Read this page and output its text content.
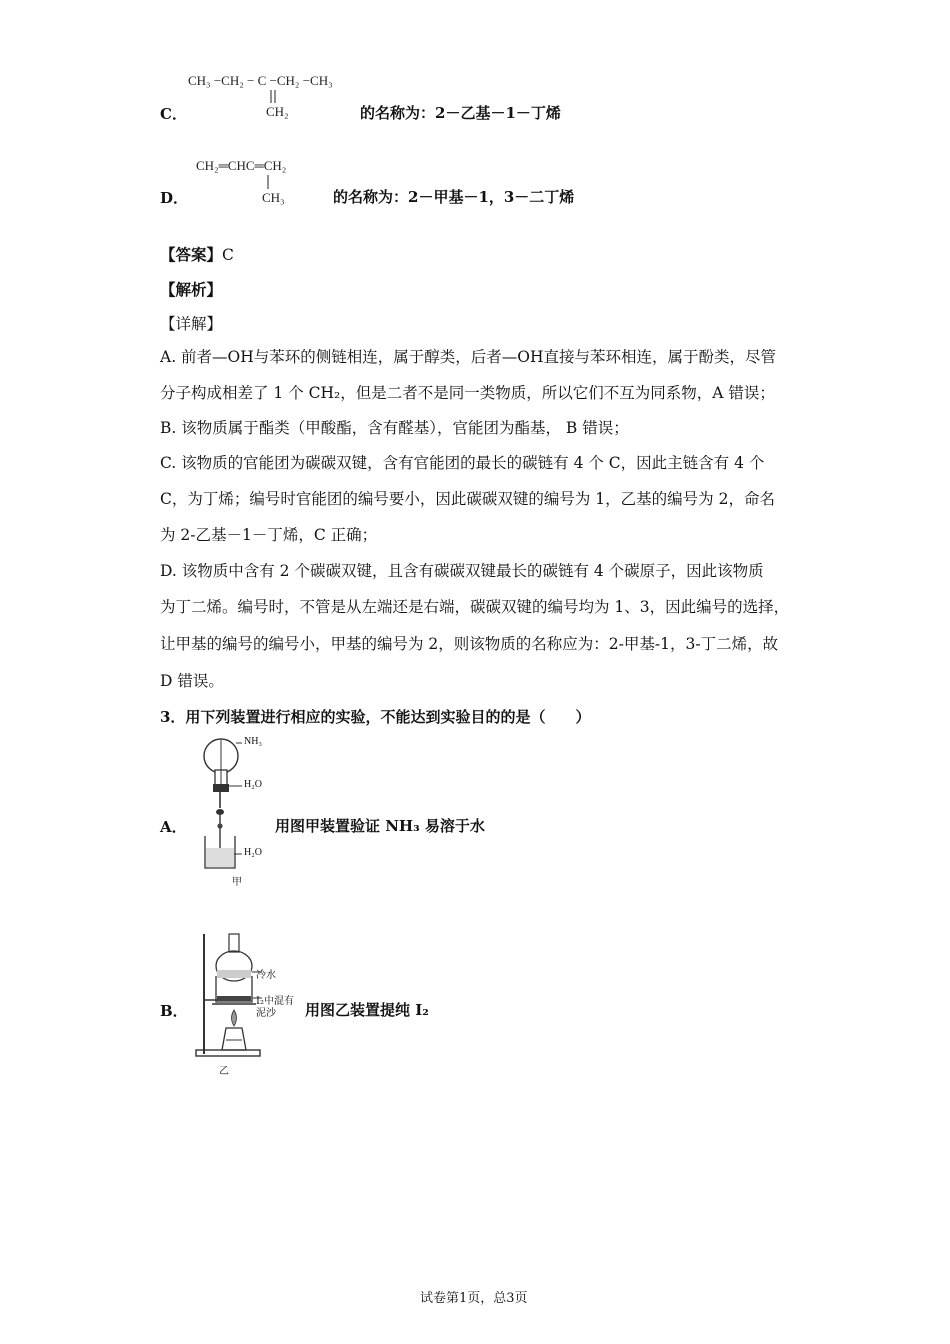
CH₃ −CH₂ − C −CH₂ −CH₃
CH₂
C．	的名称为：2－乙基－1－丁烯
CH₂═CHC═CH₂
CH₃
D．	的名称为：2－甲基－1，3－二丁烯
【答案】C
【解析】
【详解】
A. 前者—OH与苯环的侧链相连，属于醇类，后者—OH直接与苯环相连，属于酚类，尽管
分子构成相差了 1 个 CH₂，但是二者不是同一类物质，所以它们不互为同系物，A 错误；
B. 该物质属于酯类（甲酸酯，含有醛基），官能团为酯基， B 错误；
C. 该物质的官能团为碳碳双键，含有官能团的最长的碳链有 4 个 C，因此主链含有 4 个
C，为丁烯；编号时官能团的编号要小，因此碳碳双键的编号为 1，乙基的编号为 2，命名
为 2-乙基－1－丁烯，C 正确；
D. 该物质中含有 2 个碳碳双键，且含有碳碳双键最长的碳链有 4 个碳原子，因此该物质
为丁二烯。编号时，不管是从左端还是右端，碳碳双键的编号均为 1、3，因此编号的选择，
让甲基的编号的编号小，甲基的编号为 2，则该物质的名称应为：2-甲基-1，3-丁二烯，故
D 错误。
3．用下列装置进行相应的实验，不能达到实验目的的是（　　）
NH₃
H₂O
H₂O
甲
A．	用图甲装置验证 NH₃ 易溶于水
冷水
I₂中混有
泥沙
乙
B．	用图乙装置提纯 I₂
试卷第1页，总3页
